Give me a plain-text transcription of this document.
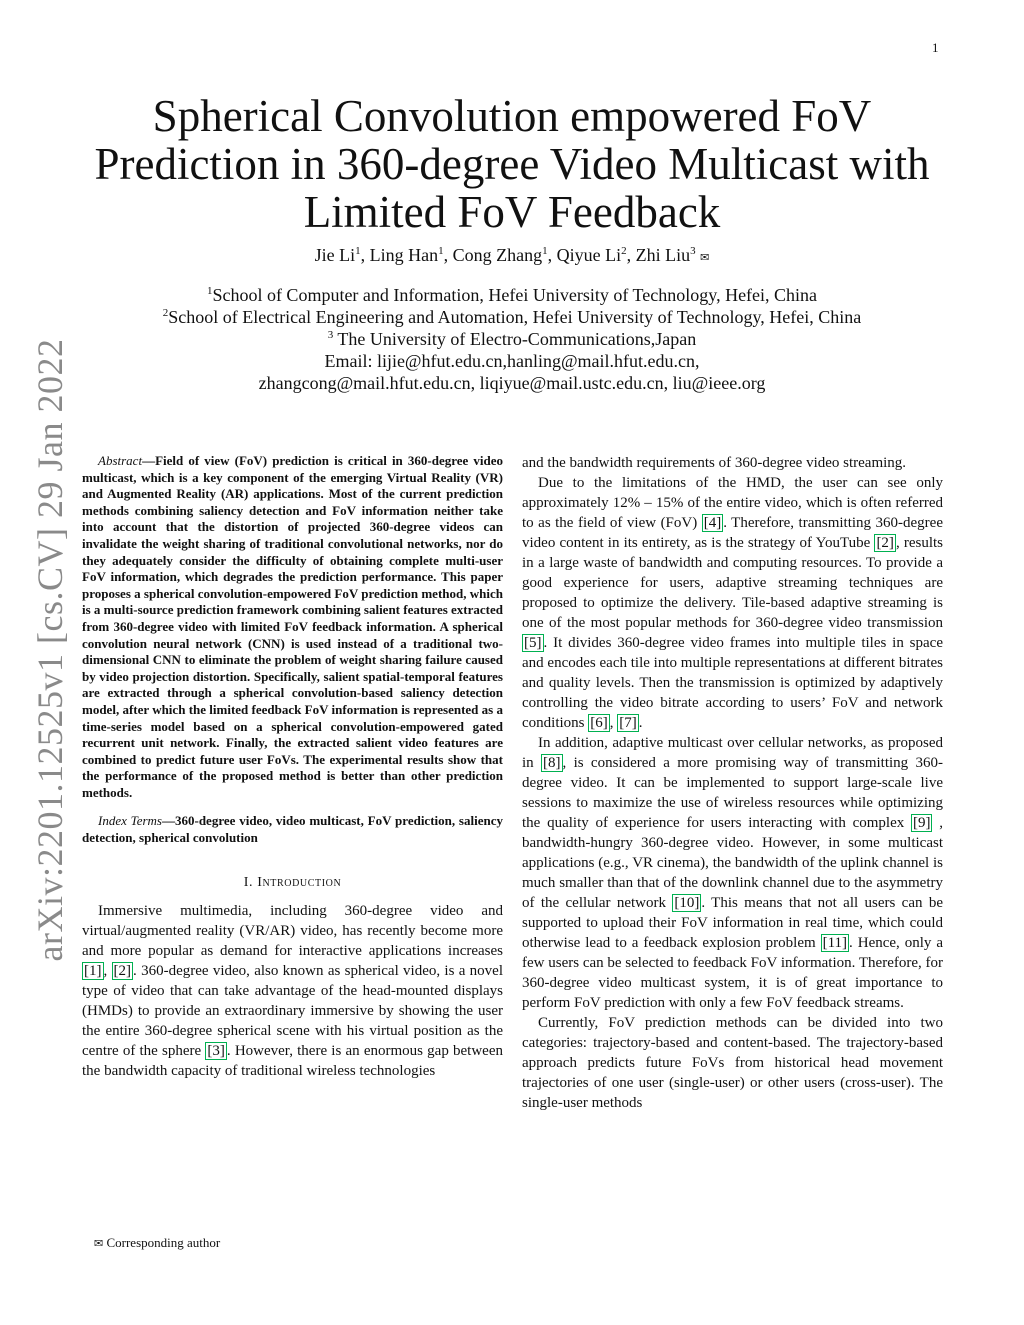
1
arXiv:2201.12525v1 [cs.CV] 29 Jan 2022
Spherical Convolution empowered FoV
Prediction in 360-degree Video Multicast with
Limited FoV Feedback
Jie Li$^1$, Ling Han$^1$, Cong Zhang$^1$, Qiyue Li$^2$, Zhi Liu$^3$ ✉
$^1$School of Computer and Information, Hefei University of Technology, Hefei, China
$^2$School of Electrical Engineering and Automation, Hefei University of Technology, Hefei, China
$^3$ The University of Electro-Communications,Japan
Email: lijie@hfut.edu.cn,hanling@mail.hfut.edu.cn,
zhangcong@mail.hfut.edu.cn, liqiyue@mail.ustc.edu.cn, liu@ieee.org

Abstract—Field of view (FoV) prediction is critical in 360-degree video multicast, which is a key component of the emerging Virtual Reality (VR) and Augmented Reality (AR) applications. Most of the current prediction methods combining saliency detection and FoV information neither take into account that the distortion of projected 360-degree videos can invalidate the weight sharing of traditional convolutional networks, nor do they adequately consider the difficulty of obtaining complete multi-user FoV information, which degrades the prediction performance. This paper proposes a spherical convolution-empowered FoV prediction method, which is a multi-source prediction framework combining salient features extracted from 360-degree video with limited FoV feedback information. A spherical convolution neural network (CNN) is used instead of a traditional two-dimensional CNN to eliminate the problem of weight sharing failure caused by video projection distortion. Specifically, salient spatial-temporal features are extracted through a spherical convolution-based saliency detection model, after which the limited feedback FoV information is represented as a time-series model based on a spherical convolution-empowered gated recurrent unit network. Finally, the extracted salient video features are combined to predict future user FoVs. The experimental results show that the performance of the proposed method is better than other prediction methods.

Index Terms—360-degree video, video multicast, FoV prediction, saliency detection, spherical convolution

I. Introduction

Immersive multimedia, including 360-degree video and virtual/augmented reality (VR/AR) video, has recently become more and more popular as demand for interactive applications increases [1] , [2] . 360-degree video, also known as spherical video, is a novel type of video that can take advantage of the head-mounted displays (HMDs) to provide an extraordinary immersive by showing the user the entire 360-degree spherical scene with his virtual position as the centre of the sphere [3] . However, there is an enormous gap between the bandwidth capacity of traditional wireless technologies

and the bandwidth requirements of 360-degree video streaming.

Due to the limitations of the HMD, the user can see only approximately 12% – 15% of the entire video, which is often referred to as the field of view (FoV) [4] . Therefore, transmitting 360-degree video content in its entirety, as is the strategy of YouTube [2] , results in a large waste of bandwidth and computing resources. To provide a good experience for users, adaptive streaming techniques are proposed to optimize the delivery. Tile-based adaptive streaming is one of the most popular methods for 360-degree video transmission [5] . It divides 360-degree video frames into multiple tiles in space and encodes each tile into multiple representations at different bitrates and quality levels. Then the transmission is optimized by adaptively controlling the video bitrate according to users’ FoV and network conditions [6] , [7] .

In addition, adaptive multicast over cellular networks, as proposed in [8] , is considered a more promising way of transmitting 360-degree video. It can be implemented to support large-scale live sessions to maximize the use of wireless resources while optimizing the quality of experience for users interacting with complex [9] , bandwidth-hungry 360-degree video. However, in some multicast applications (e.g., VR cinema), the bandwidth of the uplink channel is much smaller than that of the downlink channel due to the asymmetry of the cellular network [10] . This means that not all users can be supported to upload their FoV information in real time, which could otherwise lead to a feedback explosion problem [11] . Hence, only a few users can be selected to feedback FoV information. Therefore, for 360-degree video multicast system, it is of great importance to perform FoV prediction with only a few FoV feedback streams.

Currently, FoV prediction methods can be divided into two categories: trajectory-based and content-based. The trajectory-based approach predicts future FoVs from historical head movement trajectories of one user (single-user) or other users (cross-user). The single-user methods

✉ Corresponding author
